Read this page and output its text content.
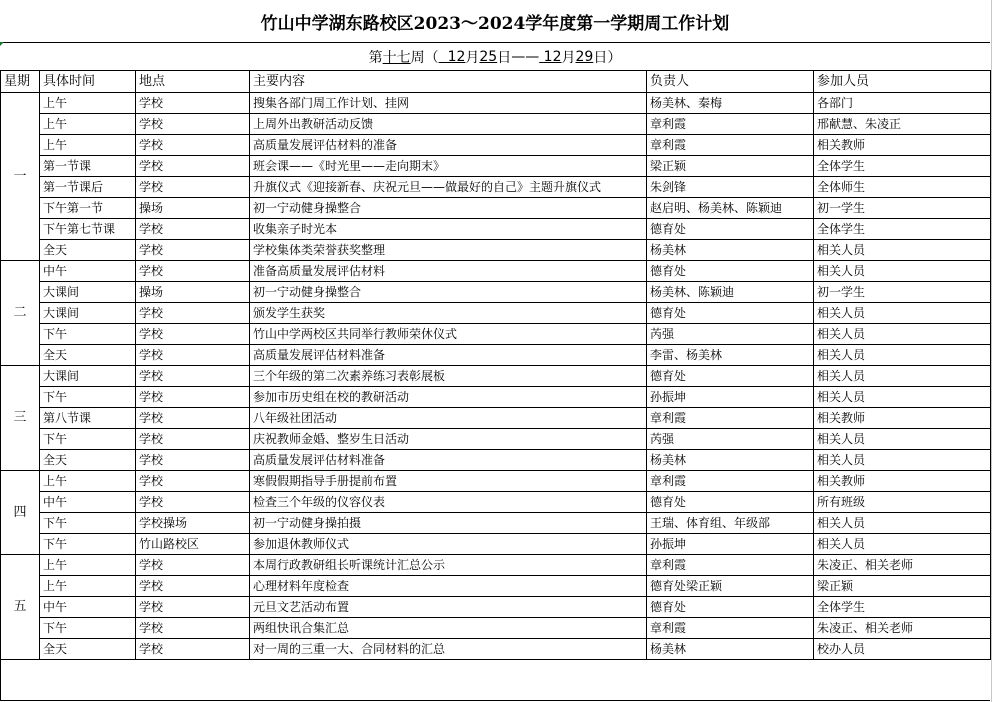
竹山中学湖东路校区2023～2024学年度第一学期周工作计划
第 十七 周 （ 12 月 25 日 —— 12 月 29 日）
星期	具体时间	地点	主要内容	负责人	参加人员
一	上午	学校	搜集各部门周工作计划、挂网	杨美林、秦梅	各部门
	上午	学校	上周外出教研活动反馈	章利霞	邢献慧、朱凌正
	上午	学校	高质量发展评估材料的准备	章利霞	相关教师
	第一节课	学校	班会课——《时光里——走向期末》	梁正颖	全体学生
	第一节课后	学校	升旗仪式《迎接新春、庆祝元旦——做最好的自己》主题升旗仪式	朱剑锋	全体师生
	下午第一节	操场	初一宁动健身操整合	赵启明、杨美林、陈颖迪	初一学生
	下午第七节课	学校	收集亲子时光本	德育处	全体学生
	全天	学校	学校集体类荣誉获奖整理	杨美林	相关人员
二	中午	学校	准备高质量发展评估材料	德育处	相关人员
	大课间	操场	初一宁动健身操整合	杨美林、陈颖迪	初一学生
	大课间	学校	颁发学生获奖	德育处	相关人员
	下午	学校	竹山中学两校区共同举行教师荣休仪式	芮强	相关人员
	全天	学校	高质量发展评估材料准备	李雷、杨美林	相关人员
三	大课间	学校	三个年级的第二次素养练习表彰展板	德育处	相关人员
	下午	学校	参加市历史组在校的教研活动	孙振坤	相关人员
	第八节课	学校	八年级社团活动	章利霞	相关教师
	下午	学校	庆祝教师金婚、整岁生日活动	芮强	相关人员
	全天	学校	高质量发展评估材料准备	杨美林	相关人员
四	上午	学校	寒假假期指导手册提前布置	章利霞	相关教师
	中午	学校	检查三个年级的仪容仪表	德育处	所有班级
	下午	学校操场	初一宁动健身操拍摄	王瑞、体育组、年级部	相关人员
	下午	竹山路校区	参加退休教师仪式	孙振坤	相关人员
五	上午	学校	本周行政教研组长听课统计汇总公示	章利霞	朱凌正、相关老师
	上午	学校	心理材料年度检查	德育处梁正颖	梁正颖
	中午	学校	元旦文艺活动布置	德育处	全体学生
	下午	学校	两组快讯合集汇总	章利霞	朱凌正、相关老师
	全天	学校	对一周的三重一大、合同材料的汇总	杨美林	校办人员
